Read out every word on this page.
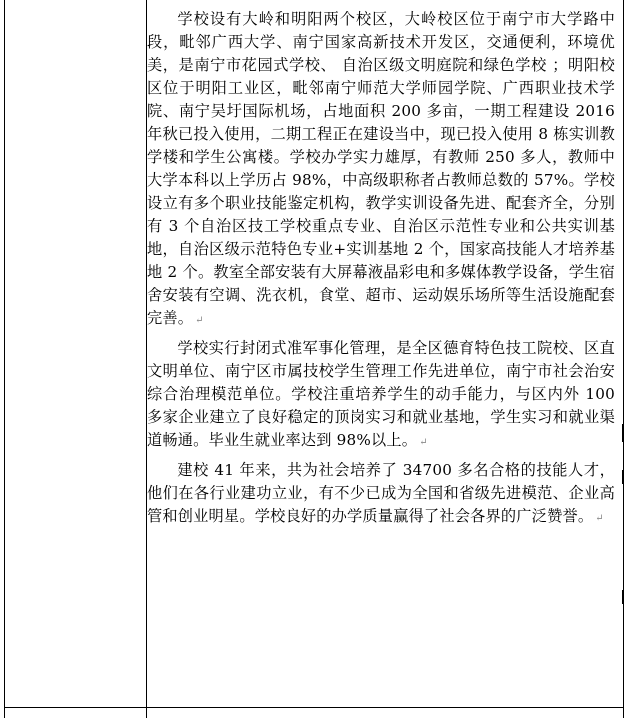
学校设有大岭和明阳两个校区，大岭校区位于南宁市大学路中段，毗邻广西大学、南宁国家高新技术开发区，交通便利，环境优美，是南宁市花园式学校、 自治区级文明庭院和绿色学校 ；明阳校区位于明阳工业区，毗邻南宁师范大学师园学院、广西职业技术学院、南宁吴圩国际机场，占地面积 200 多亩，一期工程建设 2016 年秋已投入使用，二期工程正在建设当中，现已投入使用 8 栋实训教学楼和学生公寓楼。学校办学实力雄厚，有教师 250 多人，教师中大学本科以上学历占 98%，中高级职称者占教师总数的 57%。学校设立有多个职业技能鉴定机构，教学实训设备先进、配套齐全，分别有 3 个自治区技工学校重点专业、自治区示范性专业和公共实训基地，自治区级示范特色专业+实训基地 2 个，国家高技能人才培养基地 2 个。教室全部安装有大屏幕液晶彩电和多媒体教学设备，学生宿舍安装有空调、洗衣机，食堂、超市、运动娱乐场所等生活设施配套完善。 ↵

学校实行封闭式准军事化管理，是全区德育特色技工院校、区直文明单位、南宁区市属技校学生管理工作先进单位，南宁市社会治安综合治理模范单位。学校注重培养学生的动手能力，与区内外 100 多家企业建立了良好稳定的顶岗实习和就业基地，学生实习和就业渠道畅通。毕业生就业率达到 98%以上。 ↵

建校 41 年来，共为社会培养了 34700 多名合格的技能人才，他们在各行业建功立业，有不少已成为全国和省级先进模范、企业高管和创业明星。学校良好的办学质量赢得了社会各界的广泛赞誉。 ↵
